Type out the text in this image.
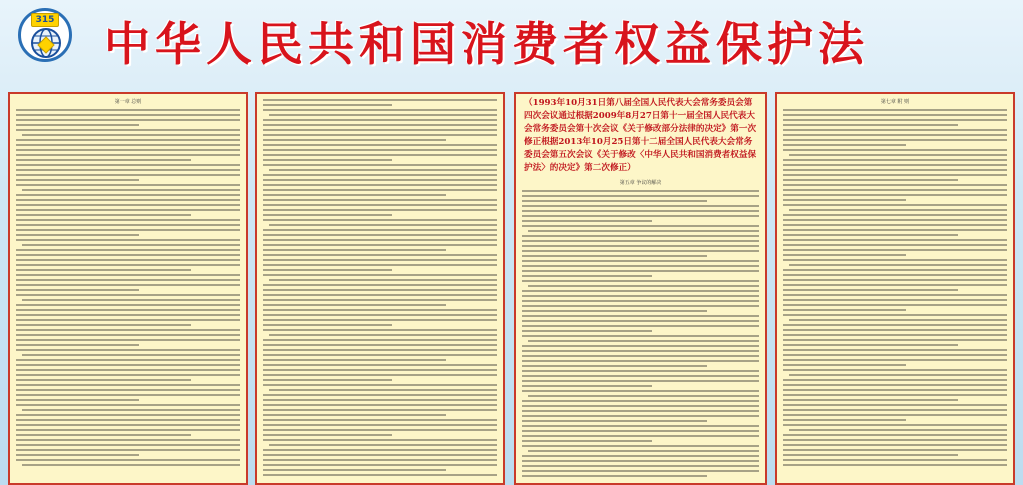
315 中华人民共和国消费者权益保护法
第一章 总则	（1993年10月31日第八届全国人民代表大会常务委员会第四次会议通过根据2009年8月27日第十一届全国人民代表大会常务委员会第十次会议《关于修改部分法律的决定》第一次修正根据2013年10月25日第十二届全国人民代表大会常务委员会第五次会议《关于修改〈中华人民共和国消费者权益保护法〉的决定》第二次修正）
第五章 争议的解决
第七章 附 则
